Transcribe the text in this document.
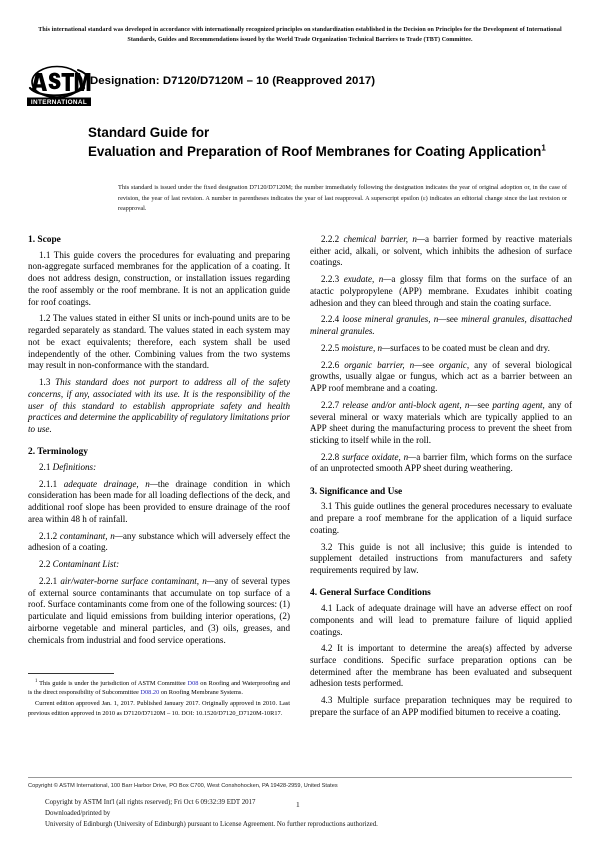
This international standard was developed in accordance with internationally recognized principles on standardization established in the Decision on Principles for the Development of International Standards, Guides and Recommendations issued by the World Trade Organization Technical Barriers to Trade (TBT) Committee.
INTERNATIONAL
Designation: D7120/D7120M – 10 (Reapproved 2017)
Standard Guide for
Evaluation and Preparation of Roof Membranes for Coating Application$^1$
This standard is issued under the fixed designation D7120/D7120M; the number immediately following the designation indicates the year of original adoption or, in the case of revision, the year of last revision. A number in parentheses indicates the year of last reapproval. A superscript epsilon (ε) indicates an editorial change since the last revision or reapproval.
1. Scope

1.1 This guide covers the procedures for evaluating and preparing non-aggregate surfaced membranes for the application of a coating. It does not address design, construction, or installation issues regarding the roof assembly or the roof membrane. It is not an application guide for roof coatings.

1.2 The values stated in either SI units or inch-pound units are to be regarded separately as standard. The values stated in each system may not be exact equivalents; therefore, each system shall be used independently of the other. Combining values from the two systems may result in non-conformance with the standard.

1.3 This standard does not purport to address all of the safety concerns, if any, associated with its use. It is the responsibility of the user of this standard to establish appropriate safety and health practices and determine the applicability of regulatory limitations prior to use.

2. Terminology

2.1 Definitions:

2.1.1 adequate drainage, n—the drainage condition in which consideration has been made for all loading deflections of the deck, and additional roof slope has been provided to ensure drainage of the roof area within 48 h of rainfall.

2.1.2 contaminant, n—any substance which will adversely effect the adhesion of a coating.

2.2 Contaminant List:

2.2.1 air/water-borne surface contaminant, n—any of several types of external source contaminants that accumulate on top surface of a roof. Surface contaminants come from one of the following sources: (1) particulate and liquid emissions from building interior operations, (2) airborne vegetable and mineral particles, and (3) oils, greases, and chemicals from industrial and food service operations.

2.2.2 chemical barrier, n—a barrier formed by reactive materials either acid, alkali, or solvent, which inhibits the adhesion of surface coatings.

2.2.3 exudate, n—a glossy film that forms on the surface of an atactic polypropylene (APP) membrane. Exudates inhibit coating adhesion and they can bleed through and stain the coating surface.

2.2.4 loose mineral granules, n—see mineral granules, disattached mineral granules.

2.2.5 moisture, n—surfaces to be coated must be clean and dry.

2.2.6 organic barrier, n—see organic, any of several biological growths, usually algae or fungus, which act as a barrier between an APP roof membrane and a coating.

2.2.7 release and/or anti-block agent, n—see parting agent, any of several mineral or waxy materials which are typically applied to an APP sheet during the manufacturing process to prevent the sheet from sticking to itself while in the roll.

2.2.8 surface oxidate, n—a barrier film, which forms on the surface of an unprotected smooth APP sheet during weathering.

3. Significance and Use

3.1 This guide outlines the general procedures necessary to evaluate and prepare a roof membrane for the application of a liquid surface coating.

3.2 This guide is not all inclusive; this guide is intended to supplement detailed instructions from manufacturers and safety requirements required by law.

4. General Surface Conditions

4.1 Lack of adequate drainage will have an adverse effect on roof components and will lead to premature failure of liquid applied coatings.

4.2 It is important to determine the area(s) affected by adverse surface conditions. Specific surface preparation options can be determined after the membrane has been evaluated and subsequent adhesion tests performed.

4.3 Multiple surface preparation techniques may be required to prepare the surface of an APP modified bitumen to receive a coating.

$^1$ This guide is under the jurisdiction of ASTM Committee D08 on Roofing and Waterproofing and is the direct responsibility of Subcommittee D08.20 on Roofing Membrane Systems.

Current edition approved Jan. 1, 2017. Published January 2017. Originally approved in 2010. Last previous edition approved in 2010 as D7120/D7120M – 10. DOI: 10.1520/D7120_D7120M-10R17.

Copyright © ASTM International, 100 Barr Harbor Drive, PO Box C700, West Conshohocken, PA 19428-2959, United States
Copyright by ASTM Int'l (all rights reserved); Fri Oct 6 09:32:39 EDT 2017
Downloaded/printed by
University of Edinburgh (University of Edinburgh) pursuant to License Agreement. No further reproductions authorized.
1
